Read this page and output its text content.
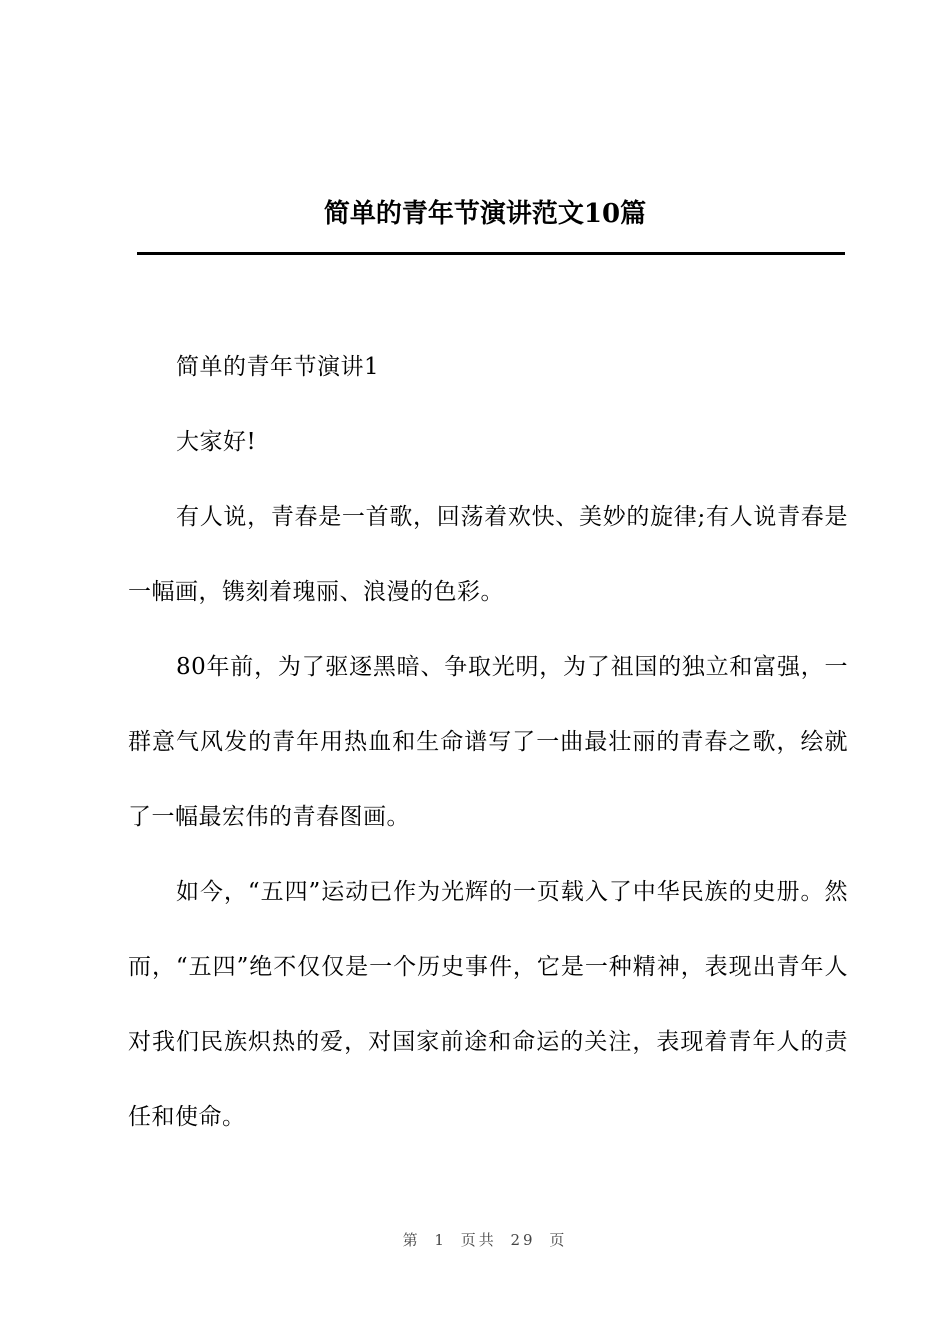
简单的青年节演讲范文10篇

简单的青年节演讲1

大家好!

有人说，青春是一首歌，回荡着欢快、美妙的旋律;有人说青春是一幅画，镌刻着瑰丽、浪漫的色彩。

80年前，为了驱逐黑暗、争取光明，为了祖国的独立和富强，一群意气风发的青年用热血和生命谱写了一曲最壮丽的青春之歌，绘就了一幅最宏伟的青春图画。

如今，“五四”运动已作为光辉的一页载入了中华民族的史册。然而，“五四”绝不仅仅是一个历史事件，它是一种精神，表现出青年人对我们民族炽热的爱，对国家前途和命运的关注，表现着青年人的责任和使命。

第 1 页共 29 页
